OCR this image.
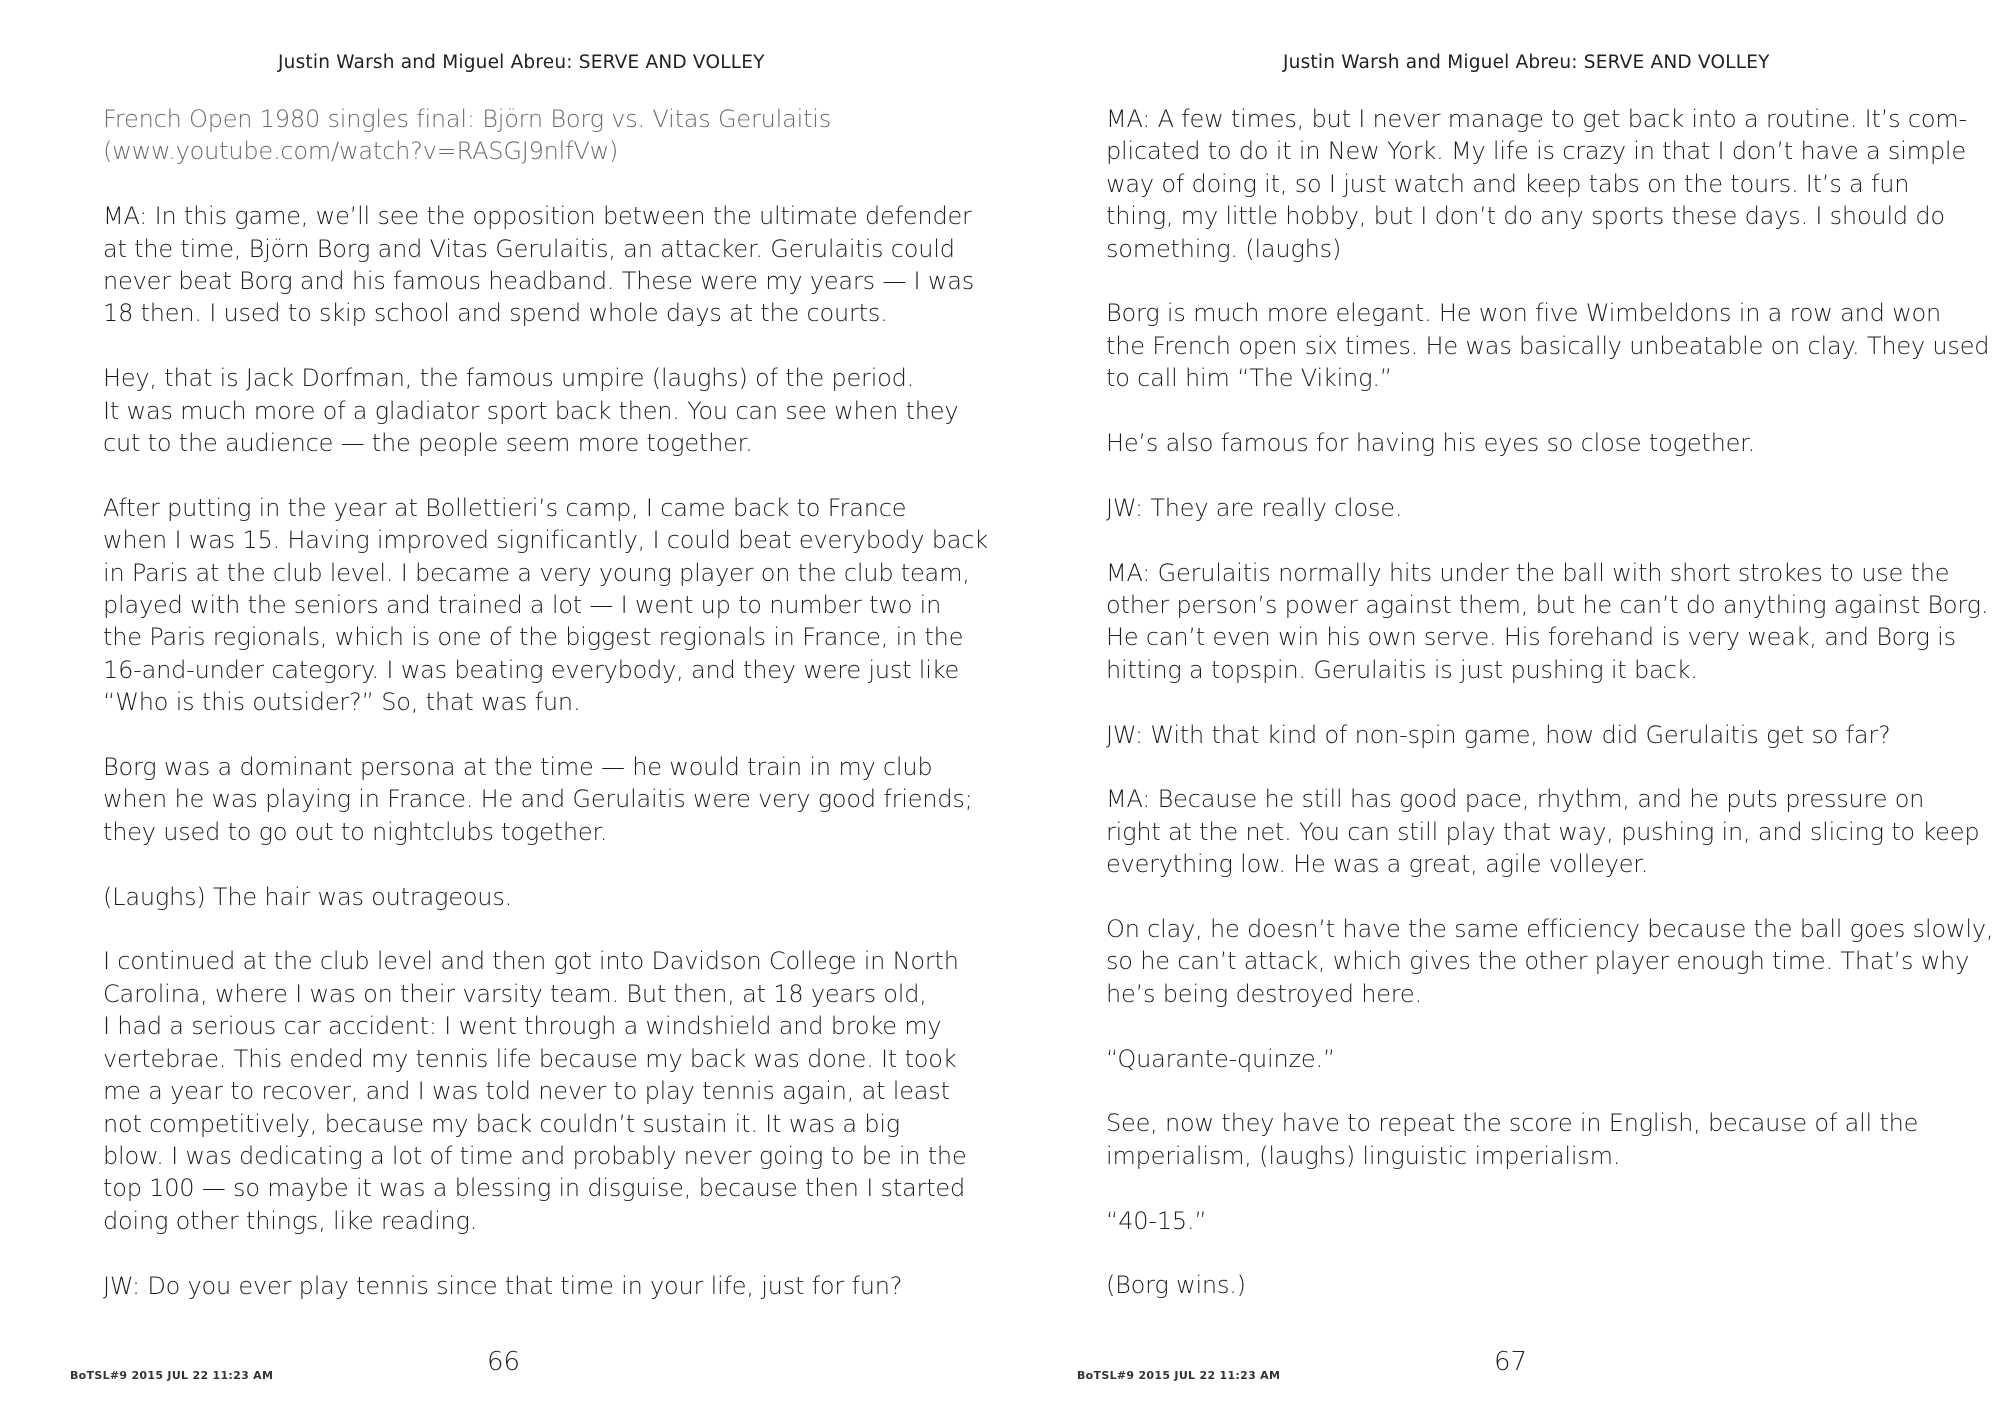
Justin Warsh and Miguel Abreu: SERVE AND VOLLEY
French Open 1980 singles final: Björn Borg vs. Vitas Gerulaitis
(www.youtube.com/watch?v=RASGJ9nlfVw)
MA: In this game, we’ll see the opposition between the ultimate defender
at the time, Björn Borg and Vitas Gerulaitis, an attacker. Gerulaitis could
never beat Borg and his famous headband. These were my years — I was
18 then. I used to skip school and spend whole days at the courts.
Hey, that is Jack Dorfman, the famous umpire (laughs) of the period.
It was much more of a gladiator sport back then. You can see when they
cut to the audience — the people seem more together.
After putting in the year at Bollettieri’s camp, I came back to France
when I was 15. Having improved significantly, I could beat everybody back
in Paris at the club level. I became a very young player on the club team,
played with the seniors and trained a lot — I went up to number two in
the Paris regionals, which is one of the biggest regionals in France, in the
16-and-under category. I was beating everybody, and they were just like
“Who is this outsider?” So, that was fun.
Borg was a dominant persona at the time — he would train in my club
when he was playing in France. He and Gerulaitis were very good friends;
they used to go out to nightclubs together.
(Laughs) The hair was outrageous.
I continued at the club level and then got into Davidson College in North
Carolina, where I was on their varsity team. But then, at 18 years old,
I had a serious car accident: I went through a windshield and broke my
vertebrae. This ended my tennis life because my back was done. It took
me a year to recover, and I was told never to play tennis again, at least
not competitively, because my back couldn’t sustain it. It was a big
blow. I was dedicating a lot of time and probably never going to be in the
top 100 — so maybe it was a blessing in disguise, because then I started
doing other things, like reading.
JW: Do you ever play tennis since that time in your life, just for fun?
BoTSL#9 2015 JUL 22 11:23 AM	66
Justin Warsh and Miguel Abreu: SERVE AND VOLLEY
MA: A few times, but I never manage to get back into a routine. It’s com-
plicated to do it in New York. My life is crazy in that I don’t have a simple
way of doing it, so I just watch and keep tabs on the tours. It’s a fun
thing, my little hobby, but I don’t do any sports these days. I should do
something. (laughs)
Borg is much more elegant. He won five Wimbeldons in a row and won
the French open six times. He was basically unbeatable on clay. They used
to call him “The Viking.”
He’s also famous for having his eyes so close together.
JW: They are really close.
MA: Gerulaitis normally hits under the ball with short strokes to use the
other person’s power against them, but he can’t do anything against Borg.
He can’t even win his own serve. His forehand is very weak, and Borg is
hitting a topspin. Gerulaitis is just pushing it back.
JW: With that kind of non-spin game, how did Gerulaitis get so far?
MA: Because he still has good pace, rhythm, and he puts pressure on
right at the net. You can still play that way, pushing in, and slicing to keep
everything low. He was a great, agile volleyer.
On clay, he doesn’t have the same efficiency because the ball goes slowly,
so he can’t attack, which gives the other player enough time. That’s why
he’s being destroyed here.
“Quarante-quinze.”
See, now they have to repeat the score in English, because of all the
imperialism, (laughs) linguistic imperialism.
“40-15.”
(Borg wins.)
BoTSL#9 2015 JUL 22 11:23 AM	67
